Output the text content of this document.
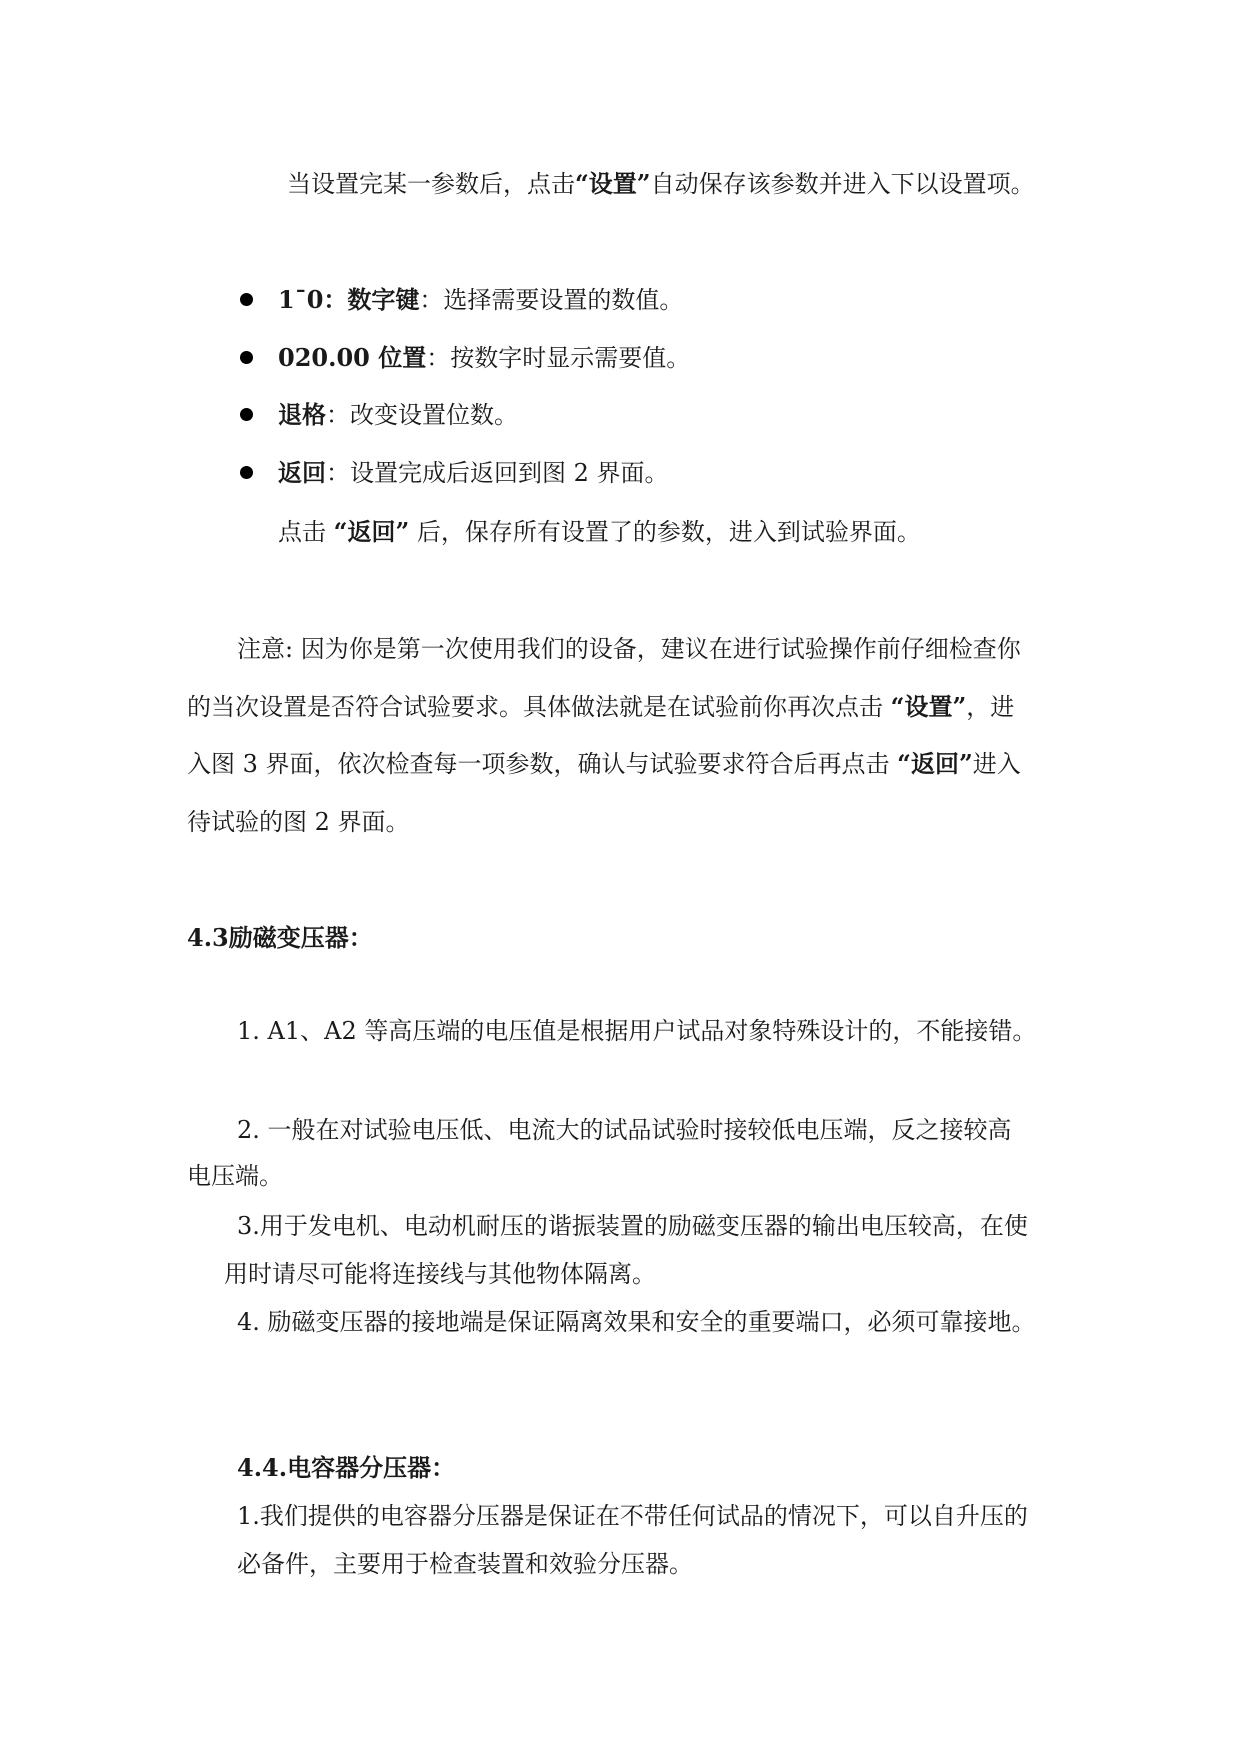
当设置完某一参数后，点击“设置”自动保存该参数并进入下以设置项。
1¯0：数字键：选择需要设置的数值。
020.00 位置：按数字时显示需要值。
退格：改变设置位数。
返回：设置完成后返回到图 2 界面。
点击 “返回” 后，保存所有设置了的参数，进入到试验界面。
注意: 因为你是第一次使用我们的设备，建议在进行试验操作前仔细检查你
的当次设置是否符合试验要求。具体做法就是在试验前你再次点击 “设置”，进
入图 3 界面，依次检查每一项参数，确认与试验要求符合后再点击 “返回”进入
待试验的图 2 界面。
4.3励磁变压器：
1. A1、A2 等高压端的电压值是根据用户试品对象特殊设计的，不能接错。
2. 一般在对试验电压低、电流大的试品试验时接较低电压端，反之接较高
电压端。
3.用于发电机、电动机耐压的谐振装置的励磁变压器的输出电压较高，在使
用时请尽可能将连接线与其他物体隔离。
4. 励磁变压器的接地端是保证隔离效果和安全的重要端口，必须可靠接地。
4.4.电容器分压器：
1.我们提供的电容器分压器是保证在不带任何试品的情况下，可以自升压的
必备件，主要用于检查装置和效验分压器。
